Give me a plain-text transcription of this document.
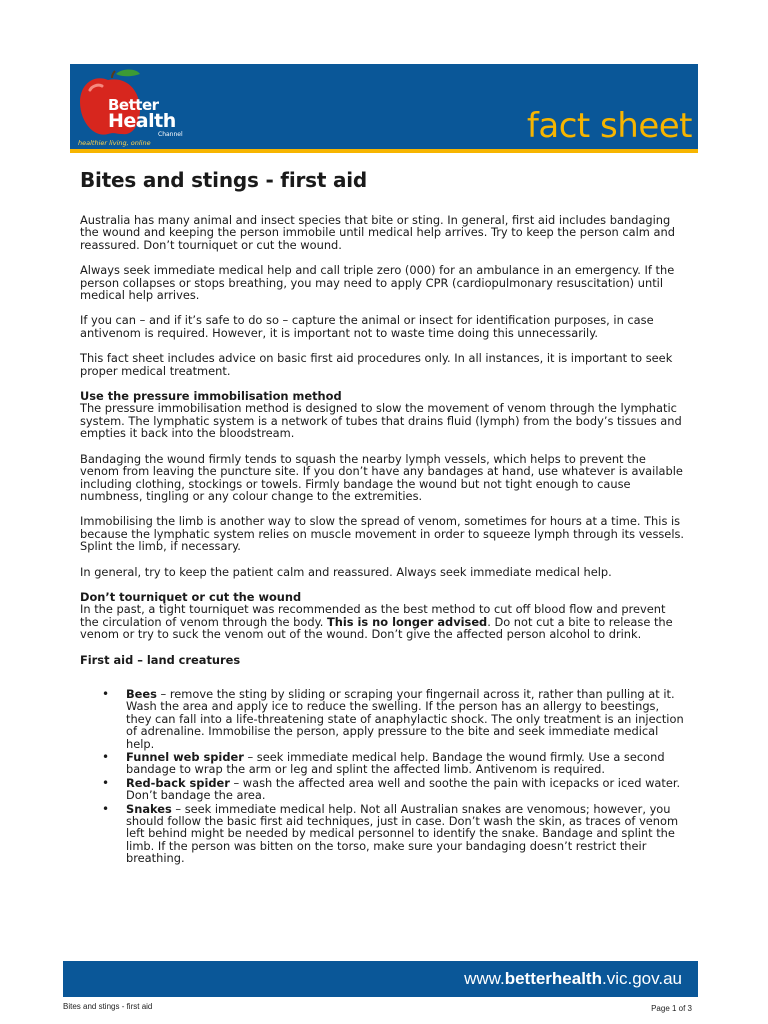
Better
Health
Channel
healthier living, online	fact sheet
Bites and stings - first aid

Australia has many animal and insect species that bite or sting. In general, first aid includes bandaging the wound and keeping the person immobile until medical help arrives. Try to keep the person calm and reassured. Don’t tourniquet or cut the wound.

Always seek immediate medical help and call triple zero (000) for an ambulance in an emergency. If the person collapses or stops breathing, you may need to apply CPR (cardiopulmonary resuscitation) until medical help arrives.

If you can – and if it’s safe to do so – capture the animal or insect for identification purposes, in case antivenom is required. However, it is important not to waste time doing this unnecessarily.

This fact sheet includes advice on basic first aid procedures only. In all instances, it is important to seek proper medical treatment.

Use the pressure immobilisation method

The pressure immobilisation method is designed to slow the movement of venom through the lymphatic system. The lymphatic system is a network of tubes that drains fluid (lymph) from the body’s tissues and empties it back into the bloodstream.

Bandaging the wound firmly tends to squash the nearby lymph vessels, which helps to prevent the venom from leaving the puncture site. If you don’t have any bandages at hand, use whatever is available including clothing, stockings or towels. Firmly bandage the wound but not tight enough to cause numbness, tingling or any colour change to the extremities.

Immobilising the limb is another way to slow the spread of venom, sometimes for hours at a time. This is because the lymphatic system relies on muscle movement in order to squeeze lymph through its vessels. Splint the limb, if necessary.

In general, try to keep the patient calm and reassured. Always seek immediate medical help.

Don’t tourniquet or cut the wound

In the past, a tight tourniquet was recommended as the best method to cut off blood flow and prevent the circulation of venom through the body. This is no longer advised. Do not cut a bite to release the venom or try to suck the venom out of the wound. Don’t give the affected person alcohol to drink.

First aid – land creatures
• Bees – remove the sting by sliding or scraping your fingernail across it, rather than pulling at it. Wash the area and apply ice to reduce the swelling. If the person has an allergy to beestings, they can fall into a life-threatening state of anaphylactic shock. The only treatment is an injection of adrenaline. Immobilise the person, apply pressure to the bite and seek immediate medical help.
• Funnel web spider – seek immediate medical help. Bandage the wound firmly. Use a second bandage to wrap the arm or leg and splint the affected limb. Antivenom is required.
• Red-back spider – wash the affected area well and soothe the pain with icepacks or iced water. Don’t bandage the area.
• Snakes – seek immediate medical help. Not all Australian snakes are venomous; however, you should follow the basic first aid techniques, just in case. Don’t wash the skin, as traces of venom left behind might be needed by medical personnel to identify the snake. Bandage and splint the limb. If the person was bitten on the torso, make sure your bandaging doesn’t restrict their breathing.
www.betterhealth.vic.gov.au
Bites and stings - first aid	Page 1 of 3
